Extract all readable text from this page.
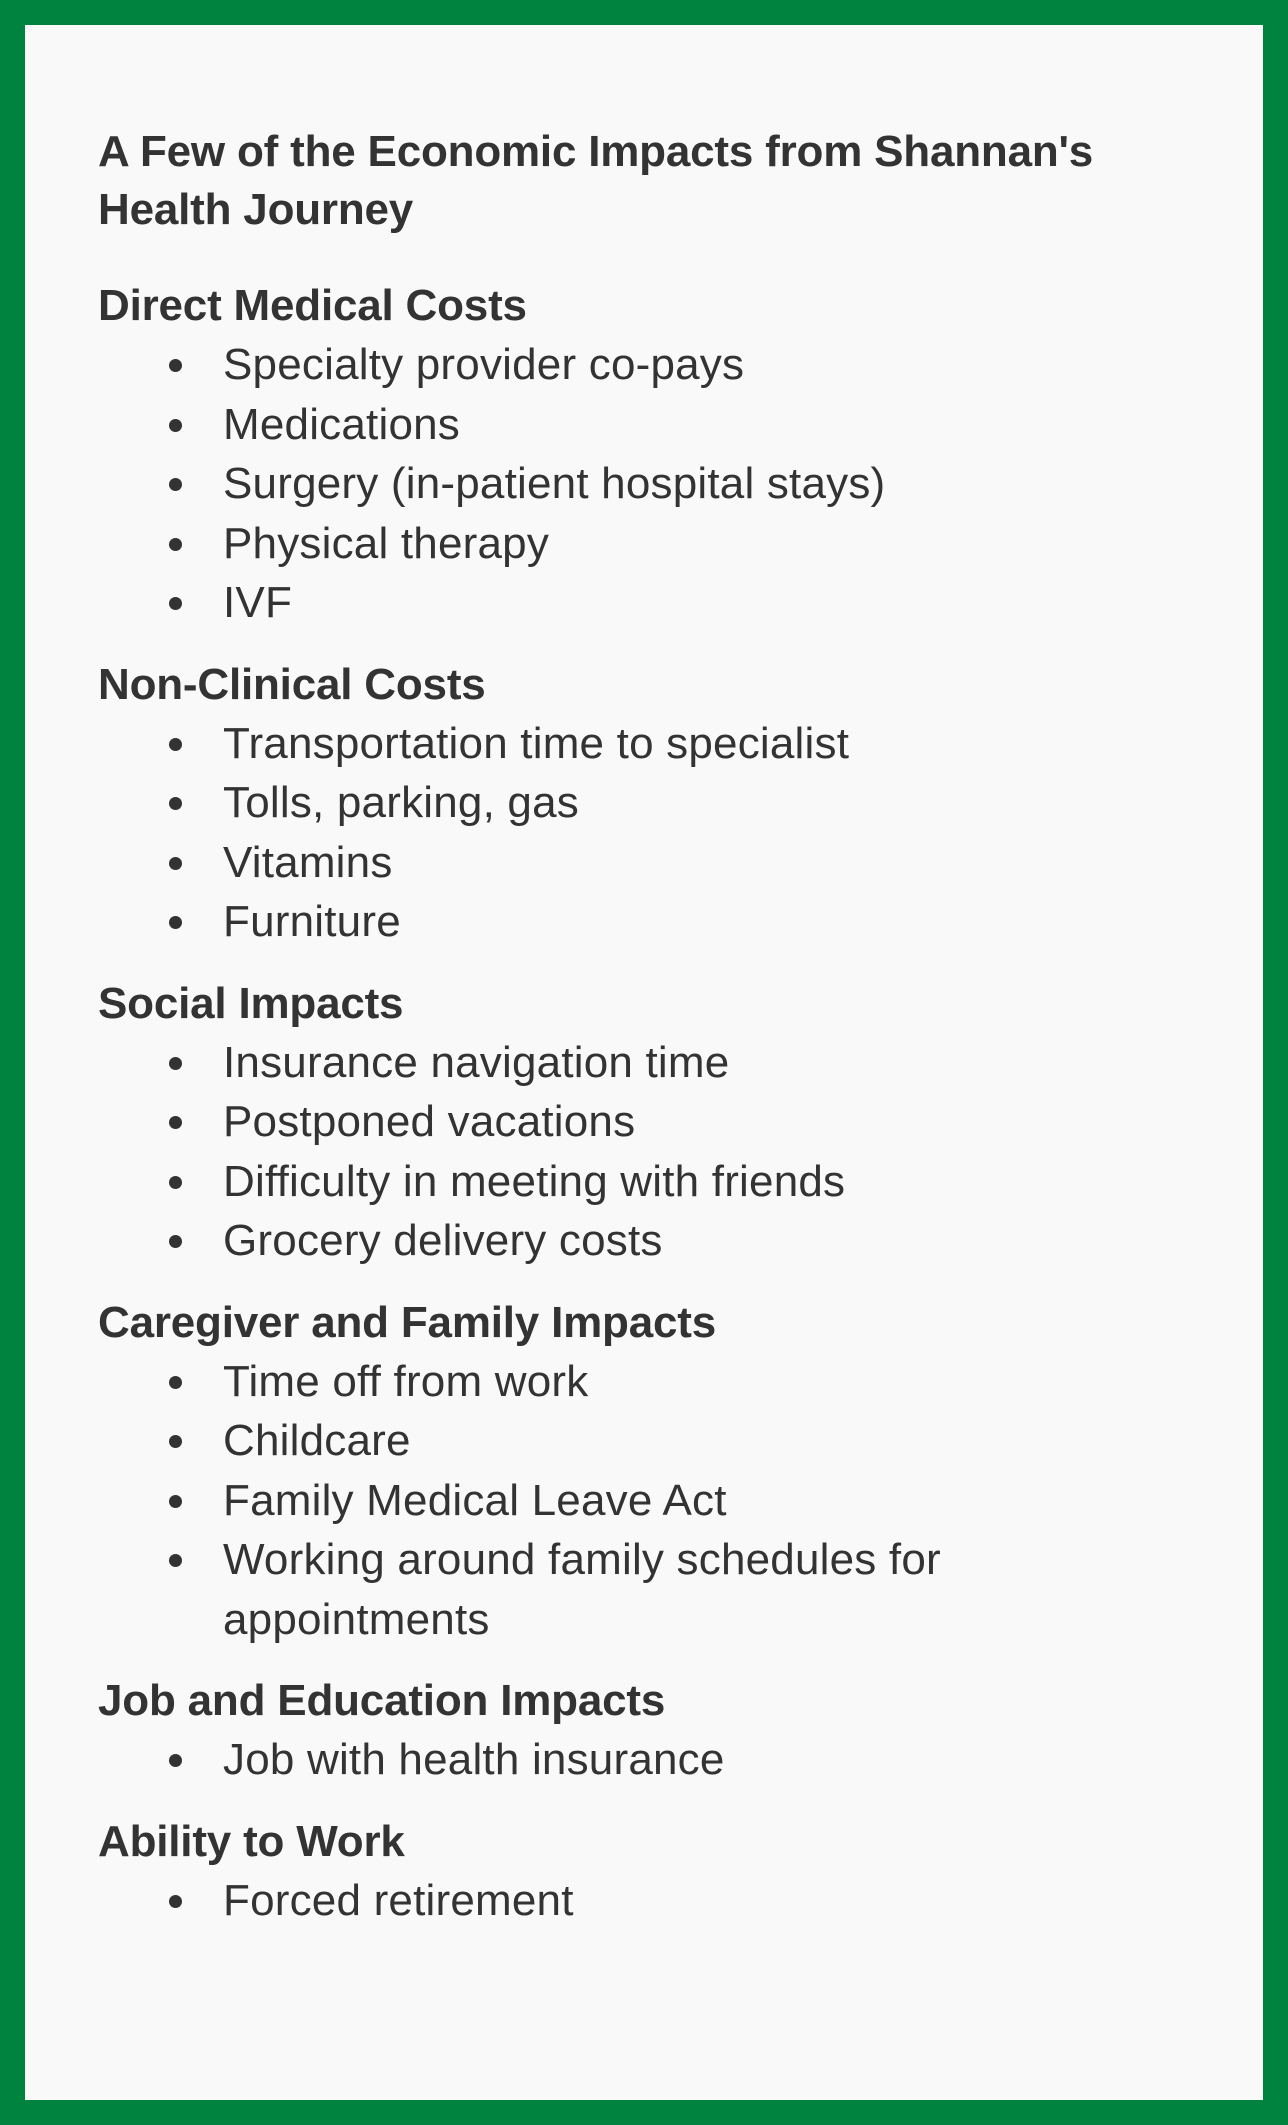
A Few of the Economic Impacts from Shannan's Health Journey
Direct Medical Costs
Specialty provider co-pays
Medications
Surgery (in-patient hospital stays)
Physical therapy
IVF
Non-Clinical Costs
Transportation time to specialist
Tolls, parking, gas
Vitamins
Furniture
Social Impacts
Insurance navigation time
Postponed vacations
Difficulty in meeting with friends
Grocery delivery costs
Caregiver and Family Impacts
Time off from work
Childcare
Family Medical Leave Act
Working around family schedules for appointments
Job and Education Impacts
Job with health insurance
Ability to Work
Forced retirement
